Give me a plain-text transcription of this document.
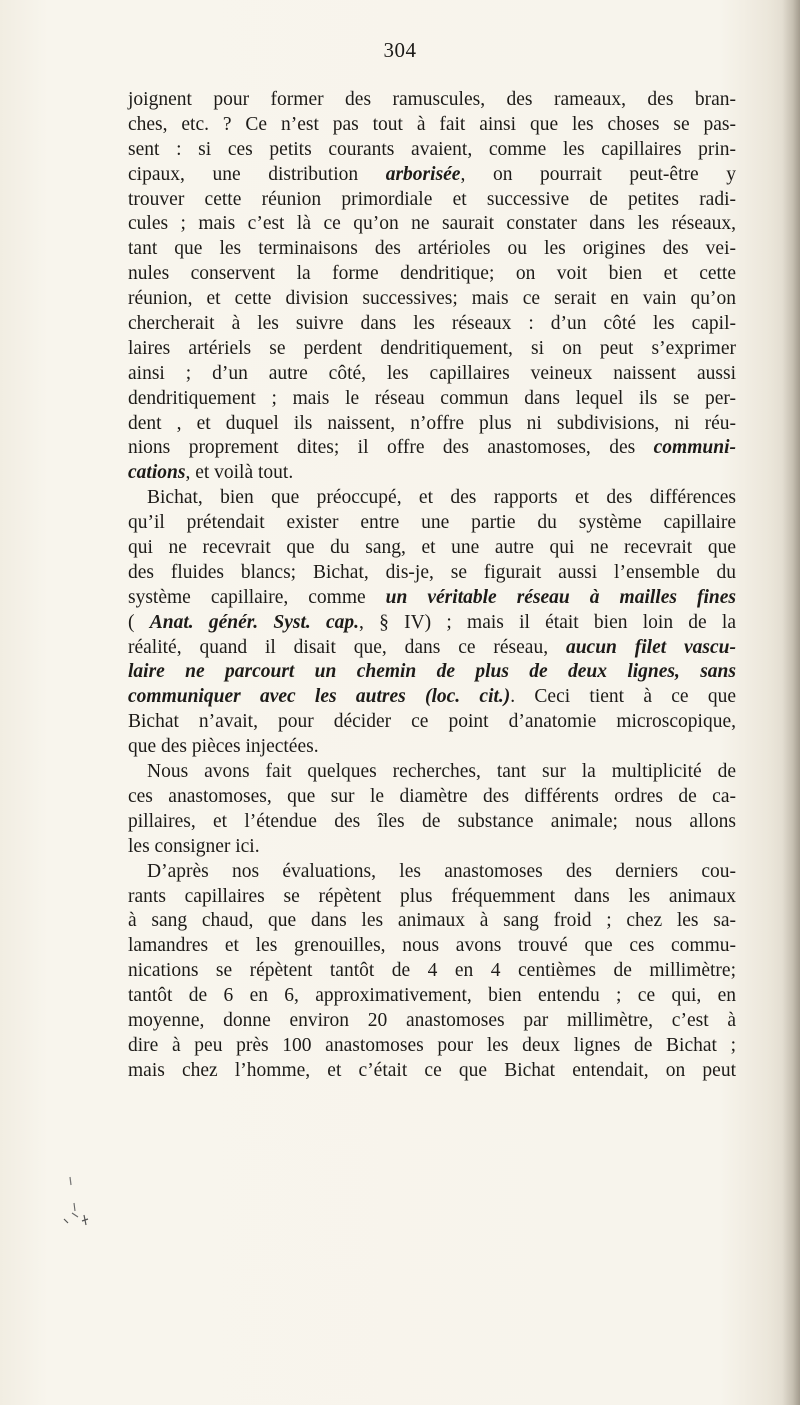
304
joignent pour former des ramuscules, des rameaux, des bran-
ches, etc. ? Ce n’est pas tout à fait ainsi que les choses se pas-
sent : si ces petits courants avaient, comme les capillaires prin-
cipaux, une distribution arborisée, on pourrait peut-être y
trouver cette réunion primordiale et successive de petites radi-
cules ; mais c’est là ce qu’on ne saurait constater dans les réseaux,
tant que les terminaisons des artérioles ou les origines des vei-
nules conservent la forme dendritique; on voit bien et cette
réunion, et cette division successives; mais ce serait en vain qu’on
chercherait à les suivre dans les réseaux : d’un côté les capil-
laires artériels se perdent dendritiquement, si on peut s’exprimer
ainsi ; d’un autre côté, les capillaires veineux naissent aussi
dendritiquement ; mais le réseau commun dans lequel ils se per-
dent , et duquel ils naissent, n’offre plus ni subdivisions, ni réu-
nions proprement dites; il offre des anastomoses, des communi-
cations, et voilà tout.
Bichat, bien que préoccupé, et des rapports et des différences
qu’il prétendait exister entre une partie du système capillaire
qui ne recevrait que du sang, et une autre qui ne recevrait que
des fluides blancs; Bichat, dis-je, se figurait aussi l’ensemble du
système capillaire, comme un véritable réseau à mailles fines
( Anat. génér. Syst. cap., § IV) ; mais il était bien loin de la
réalité, quand il disait que, dans ce réseau, aucun filet vascu-
laire ne parcourt un chemin de plus de deux lignes, sans
communiquer avec les autres (loc. cit.). Ceci tient à ce que
Bichat n’avait, pour décider ce point d’anatomie microscopique,
que des pièces injectées.
Nous avons fait quelques recherches, tant sur la multiplicité de
ces anastomoses, que sur le diamètre des différents ordres de ca-
pillaires, et l’étendue des îles de substance animale; nous allons
les consigner ici.
D’après nos évaluations, les anastomoses des derniers cou-
rants capillaires se répètent plus fréquemment dans les animaux
à sang chaud, que dans les animaux à sang froid ; chez les sa-
lamandres et les grenouilles, nous avons trouvé que ces commu-
nications se répètent tantôt de 4 en 4 centièmes de millimètre;
tantôt de 6 en 6, approximativement, bien entendu ; ce qui, en
moyenne, donne environ 20 anastomoses par millimètre, c’est à
dire à peu près 100 anastomoses pour les deux lignes de Bichat ;
mais chez l’homme, et c’était ce que Bichat entendait, on peut
